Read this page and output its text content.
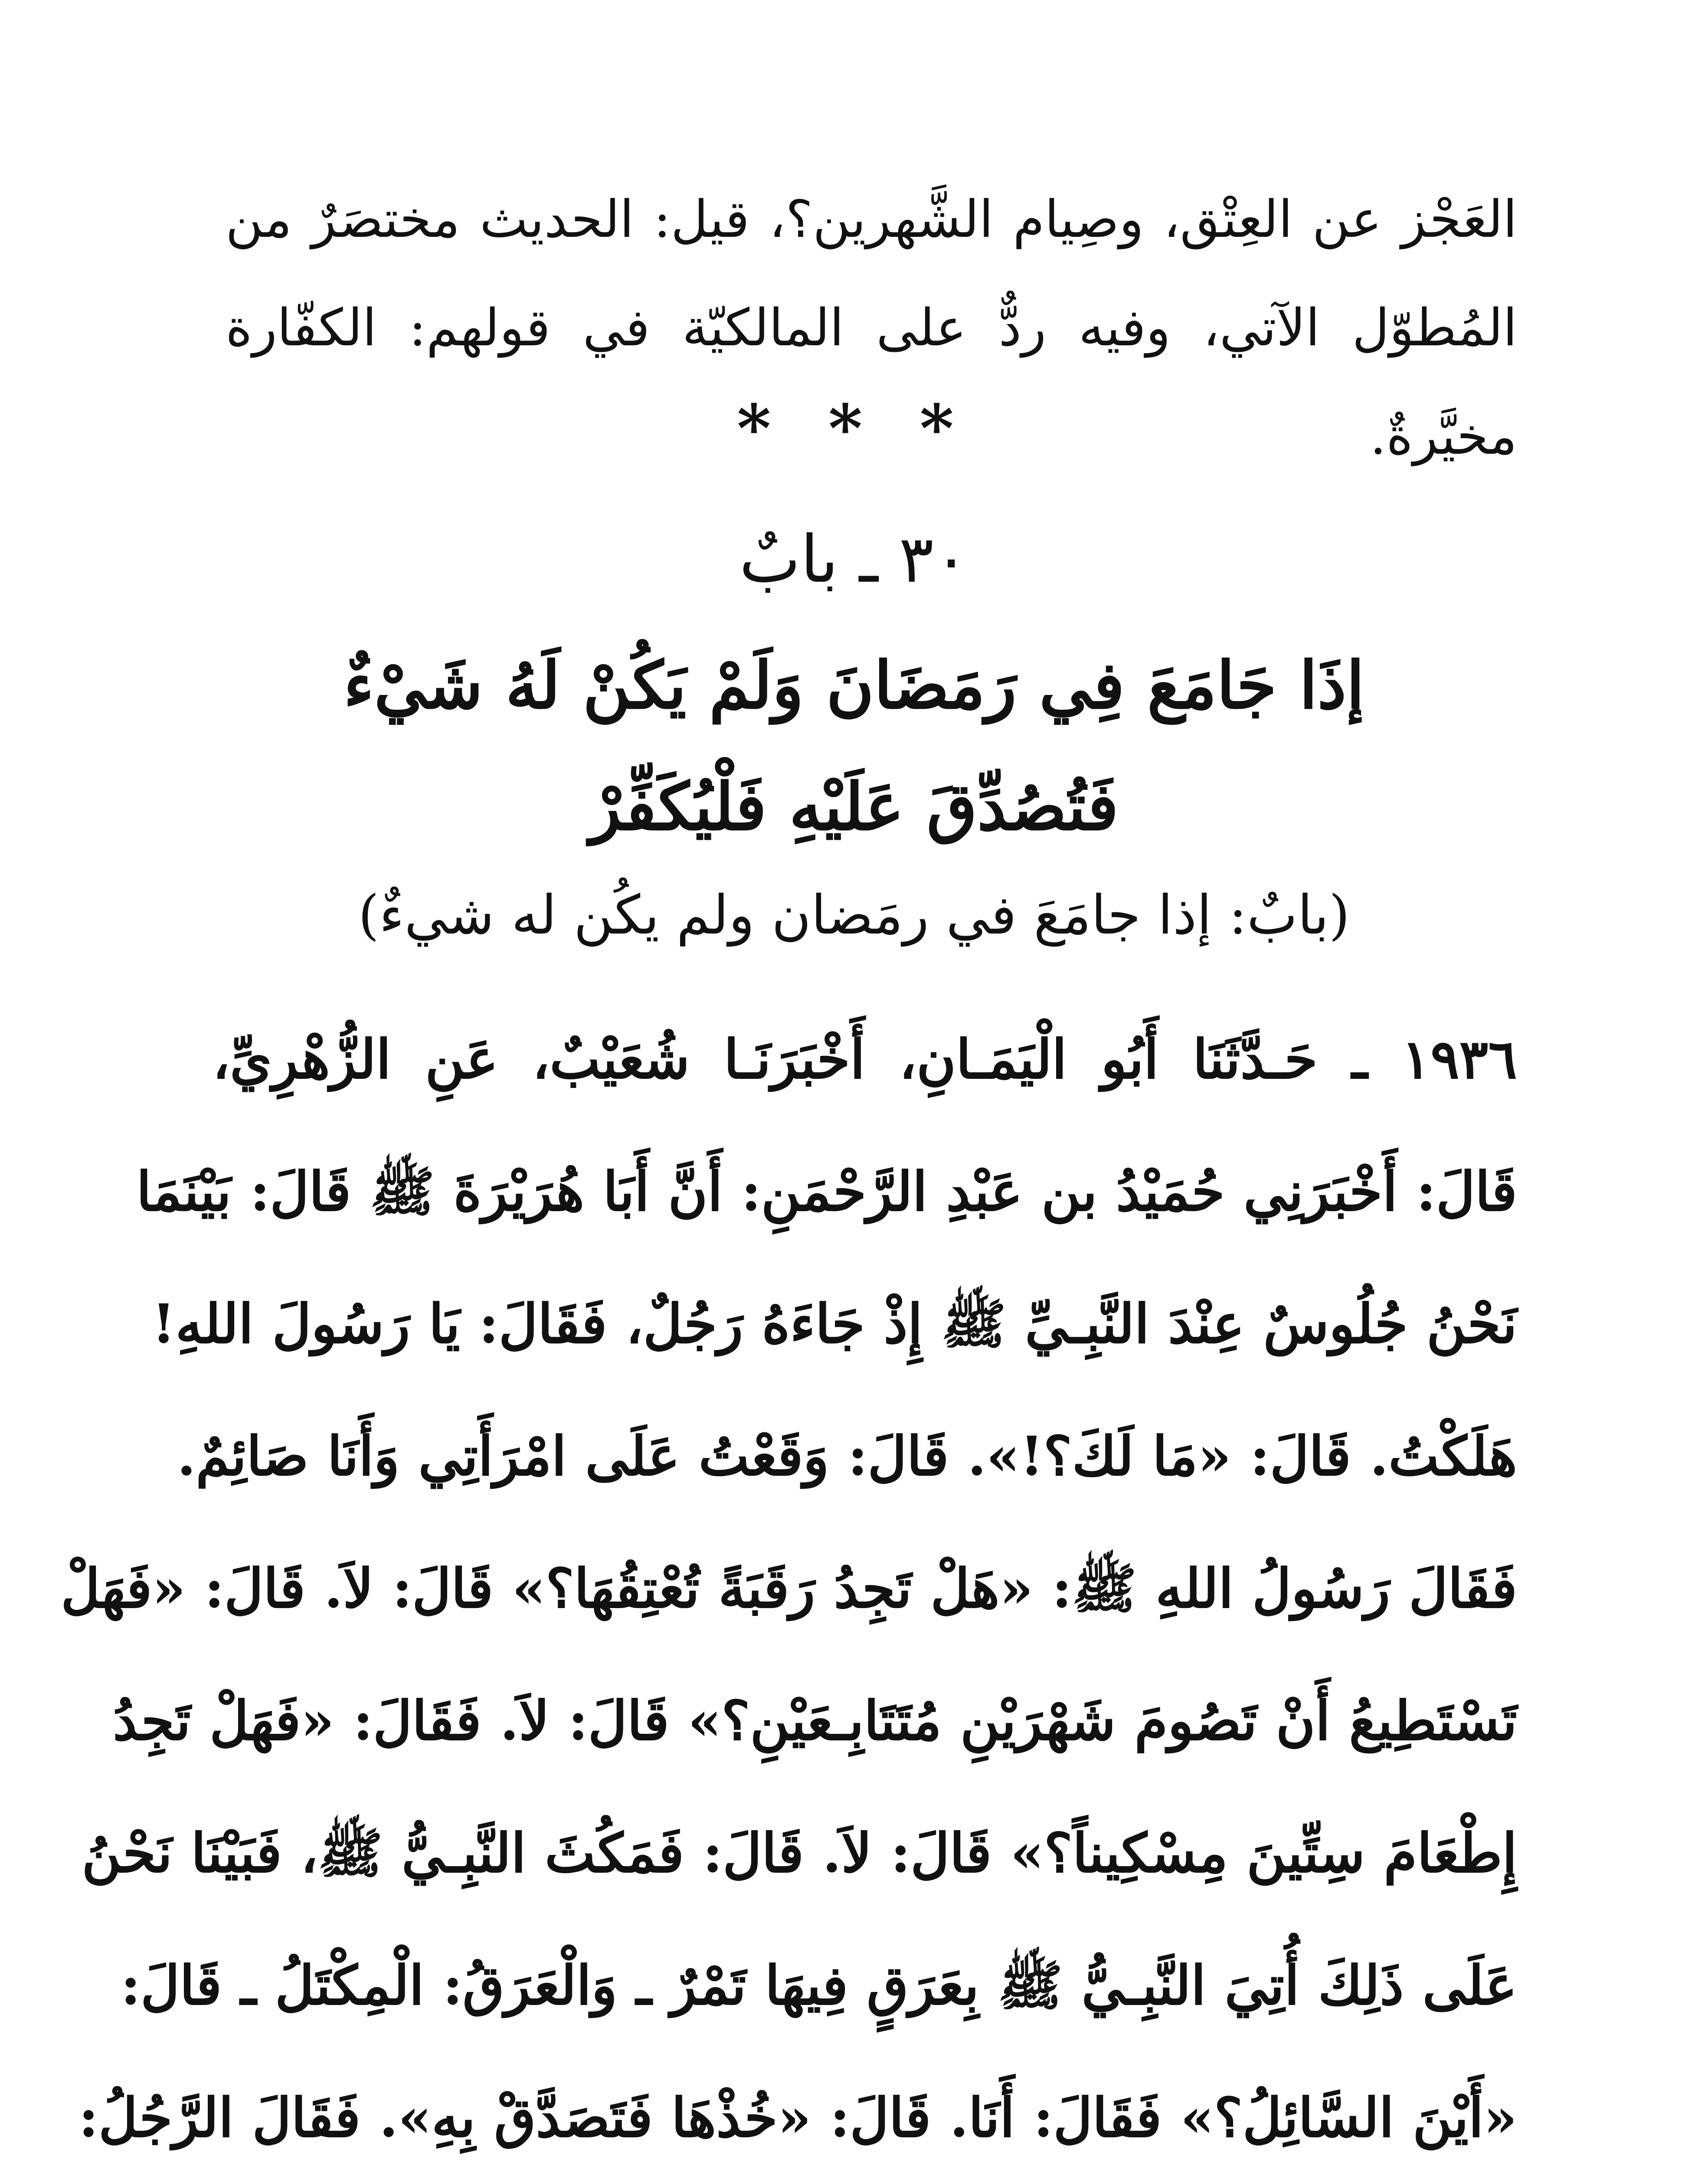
العَجْز عن العِتْق، وصِيام الشَّهرين؟، قيل: الحديث مختصَرٌ من المُطوّل الآتي، وفيه ردٌّ على المالكيّة في قولهم: الكفّارة مخيَّرةٌ.
* * *
٣٠ ـ بابٌ
إذَا جَامَعَ فِي رَمَضَانَ وَلَمْ يَكُنْ لَهُ شَيْءٌ
فَتُصُدِّقَ عَلَيْهِ فَلْيُكَفِّرْ
(بابٌ: إذا جامَعَ في رمَضان ولم يكُن له شيءٌ)
١٩٣٦ ـ حَـدَّثَنَا أَبُو الْيَمَـانِ، أَخْبَرَنَـا شُعَيْبٌ، عَنِ الزُّهْرِيِّ،
قَالَ: أَخْبَرَنِي حُمَيْدُ بن عَبْدِ الرَّحْمَنِ: أَنَّ أَبَا هُرَيْرَةَ ﷺ قَالَ: بَيْنَمَا
نَحْنُ جُلُوسٌ عِنْدَ النَّبِـيِّ ﷺ إِذْ جَاءَهُ رَجُلٌ، فَقَالَ: يَا رَسُولَ اللهِ!
هَلَكْتُ. قَالَ: «مَا لَكَ؟!». قَالَ: وَقَعْتُ عَلَى امْرَأَتِي وَأَنَا صَائِمٌ.
فَقَالَ رَسُولُ اللهِ ﷺ: «هَلْ تَجِدُ رَقَبَةً تُعْتِقُهَا؟» قَالَ: لاَ. قَالَ: «فَهَلْ
تَسْتَطِيعُ أَنْ تَصُومَ شَهْرَيْنِ مُتَتَابِـعَيْنِ؟» قَالَ: لاَ. فَقَالَ: «فَهَلْ تَجِدُ
إِطْعَامَ سِتِّينَ مِسْكِيناً؟» قَالَ: لاَ. قَالَ: فَمَكُثَ النَّبِـيُّ ﷺ، فَبَيْنَا نَحْنُ
عَلَى ذَلِكَ أُتِيَ النَّبِـيُّ ﷺ بِعَرَقٍ فِيهَا تَمْرٌ ـ وَالْعَرَقُ: الْمِكْتَلُ ـ قَالَ:
«أَيْنَ السَّائِلُ؟» فَقَالَ: أَنَا. قَالَ: «خُذْهَا فَتَصَدَّقْ بِهِ». فَقَالَ الرَّجُلُ:
